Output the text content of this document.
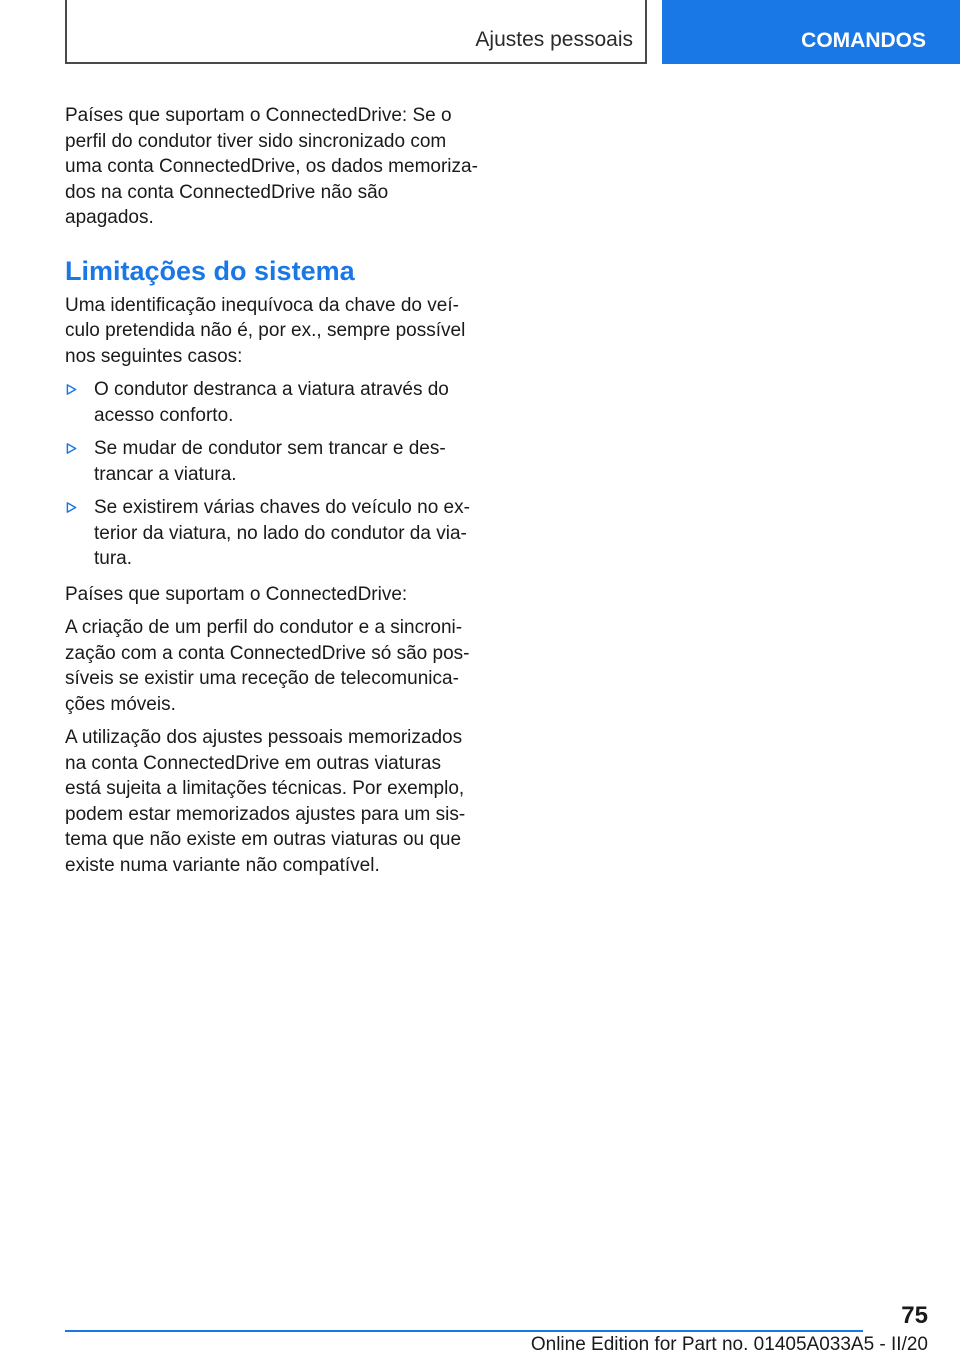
Ajustes pessoais	COMANDOS

Países que suportam o ConnectedDrive: Se o perfil do condutor tiver sido sincronizado com uma conta ConnectedDrive, os dados memorizados na conta ConnectedDrive não são apagados.

Limitações do sistema

Uma identificação inequívoca da chave do veículo pretendida não é, por ex., sempre possível nos seguintes casos:

O condutor destranca a viatura através do acesso conforto.
Se mudar de condutor sem trancar e destrancar a viatura.
Se existirem várias chaves do veículo no exterior da viatura, no lado do condutor da viatura.

Países que suportam o ConnectedDrive:

A criação de um perfil do condutor e a sincronização com a conta ConnectedDrive só são possíveis se existir uma receção de telecomunicações móveis.

A utilização dos ajustes pessoais memorizados na conta ConnectedDrive em outras viaturas está sujeita a limitações técnicas. Por exemplo, podem estar memorizados ajustes para um sistema que não existe em outras viaturas ou que existe numa variante não compatível.

75
Online Edition for Part no. 01405A033A5 - II/20
